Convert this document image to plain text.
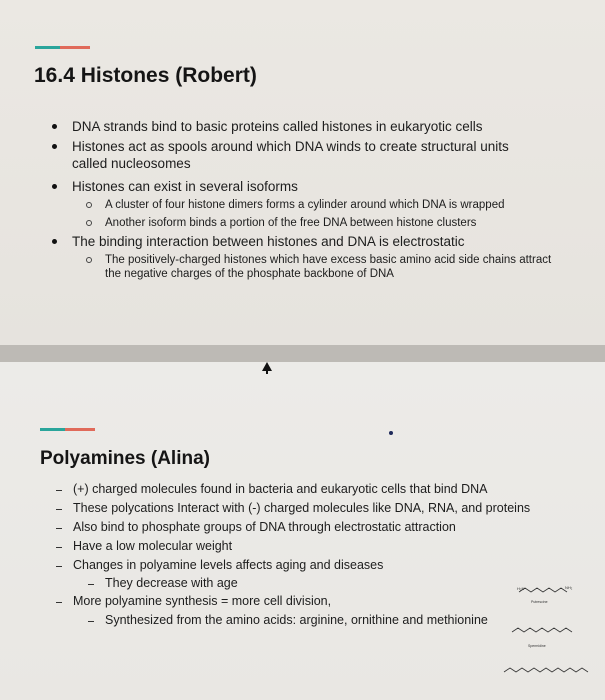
16.4 Histones (Robert)
DNA strands bind to basic proteins called histones in eukaryotic cells
Histones act as spools around which DNA winds to create structural units called nucleosomes
Histones can exist in several isoforms
A cluster of four histone dimers forms a cylinder around which DNA is wrapped
Another isoform binds a portion of the free DNA between histone clusters
The binding interaction between histones and DNA is electrostatic
The positively-charged histones which have excess basic amino acid side chains attract the negative charges of the phosphate backbone of DNA
Polyamines (Alina)
(+) charged molecules found in bacteria and eukaryotic cells that bind DNA
These polycations Interact with (-) charged molecules like DNA, RNA, and proteins
Also bind to phosphate groups of DNA through electrostatic attraction
Have a low molecular weight
Changes in polyamine levels affects aging and diseases
They decrease with age
More polyamine synthesis = more cell division,
Synthesized from the amino acids: arginine, ornithine and methionine
H₂N	NH₂
Putrescine
Spermidine
